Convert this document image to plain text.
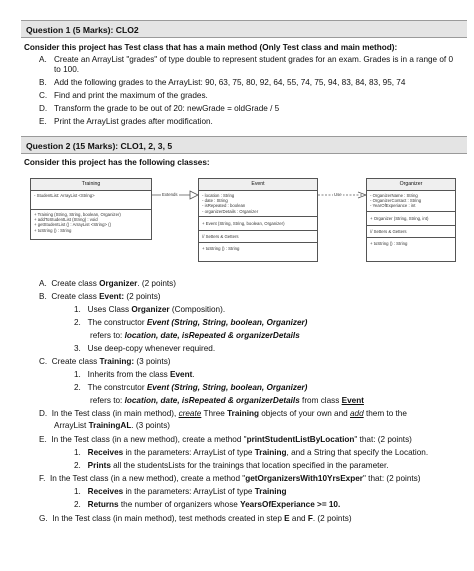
Question 1 (5 Marks): CLO2
Consider this project has Test class that has a main method (Only Test class and main method):
A. Create an ArrayList "grades" of type double to represent student grades for an exam. Grades is in a range of 0
to 100.
B. Add the following grades to the ArrayList: 90, 63, 75, 80, 92, 64, 55, 74, 75, 94, 83, 84, 83, 95, 74
C. Find and print the maximum of the grades.
D. Transform the grade to be out of 20: newGrade = oldGrade / 5
E. Print the ArrayList grades after modification.
Question 2 (15 Marks): CLO1, 2, 3, 5
Consider this project has the following classes:
Training
- StudentList: ArrayList <String>
+ Training (String, String, boolean, Organizer)
+ addToStudentList (String) : void
+ getStudentList () : ArrayList <String> ()
+ toString () : String
Event
- location : String
- date : String
- isRepeated : boolean
- organizerDetails : Organizer
+ Event (String, String, boolean, Organizer)
// Setters & Getters
+ toString () : String
Organizer
- OrganizerName : String
- OrganizerContact : String
- YearOfExperiance : int
+ Organizer (String, String, int)
// Setters & Getters
+ toString () : String
Extends	Use
A. Create class Organizer. (2 points)
B. Create class Event: (2 points)
1. Uses Class Organizer (Composition).
2. The constructor Event (String, String, boolean, Organizer)
refers to: location, date, isRepeated & organizerDetails
3. Use deep-copy whenever required.
C. Create class Training: (3 points)
1. Inherits from the class Event.
2. The constrcutor Event (String, String, boolean, Organizer)
refers to: location, date, isRepeated & organizerDetails from class Event
D. In the Test class (in main method), create Three Training objects of your own and add them to the
ArrayList TrainingAL. (3 points)
E. In the Test class (in a new method), create a method "printStudentListByLocation" that: (2 points)
1. Receives in the parameters: ArrayList of type Training, and a String that specify the Location.
2. Prints all the studentsLists for the trainings that location specified in the parameter.
F. In the Test class (in a new method), create a method "getOrganizersWith10YrsExper" that: (2 points)
1. Receives in the parameters: ArrayList of type Training
2. Returns the number of organizers whose YearsOfExperiance >= 10.
G. In the Test class (in main method), test methods created in step E and F. (2 points)
